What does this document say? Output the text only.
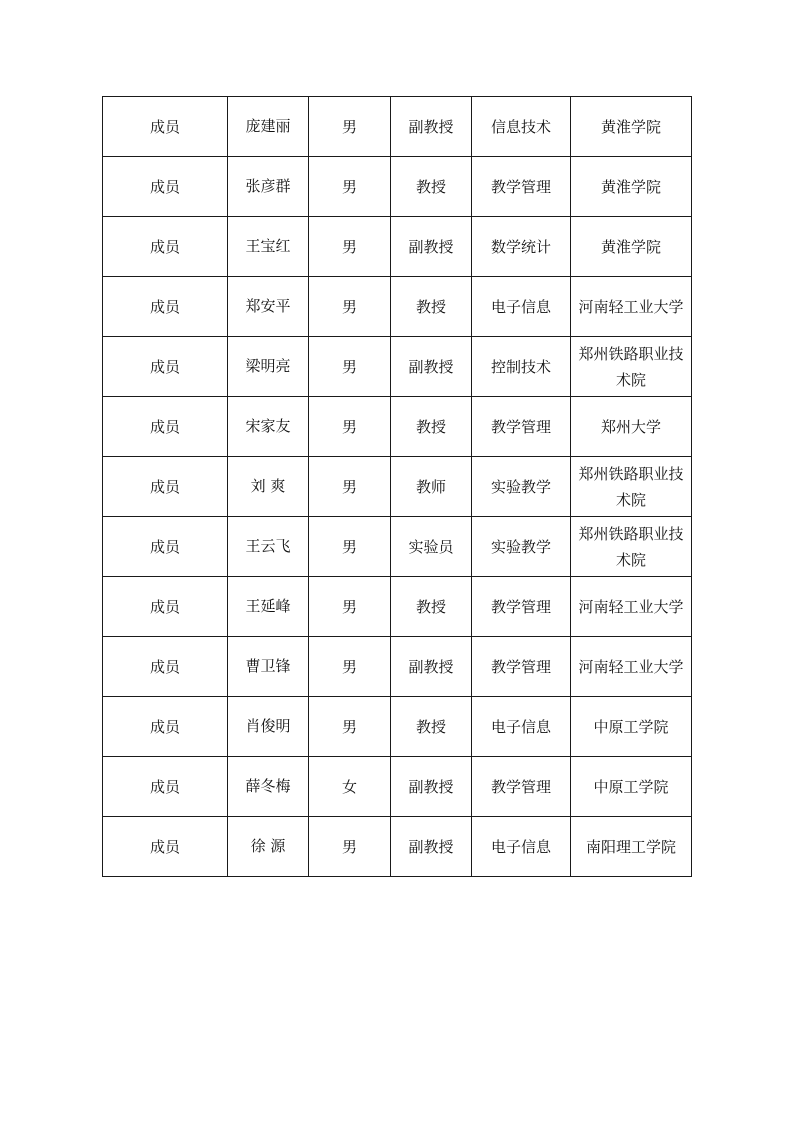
成员	庞建丽	男	副教授	信息技术	黄淮学院
成员	张彦群	男	教授	教学管理	黄淮学院
成员	王宝红	男	副教授	数学统计	黄淮学院
成员	郑安平	男	教授	电子信息	河南轻工业大学
成员	梁明亮	男	副教授	控制技术	郑州铁路职业技术院
成员	宋家友	男	教授	教学管理	郑州大学
成员	刘 爽	男	教师	实验教学	郑州铁路职业技术院
成员	王云飞	男	实验员	实验教学	郑州铁路职业技术院
成员	王延峰	男	教授	教学管理	河南轻工业大学
成员	曹卫锋	男	副教授	教学管理	河南轻工业大学
成员	肖俊明	男	教授	电子信息	中原工学院
成员	薛冬梅	女	副教授	教学管理	中原工学院
成员	徐 源	男	副教授	电子信息	南阳理工学院
